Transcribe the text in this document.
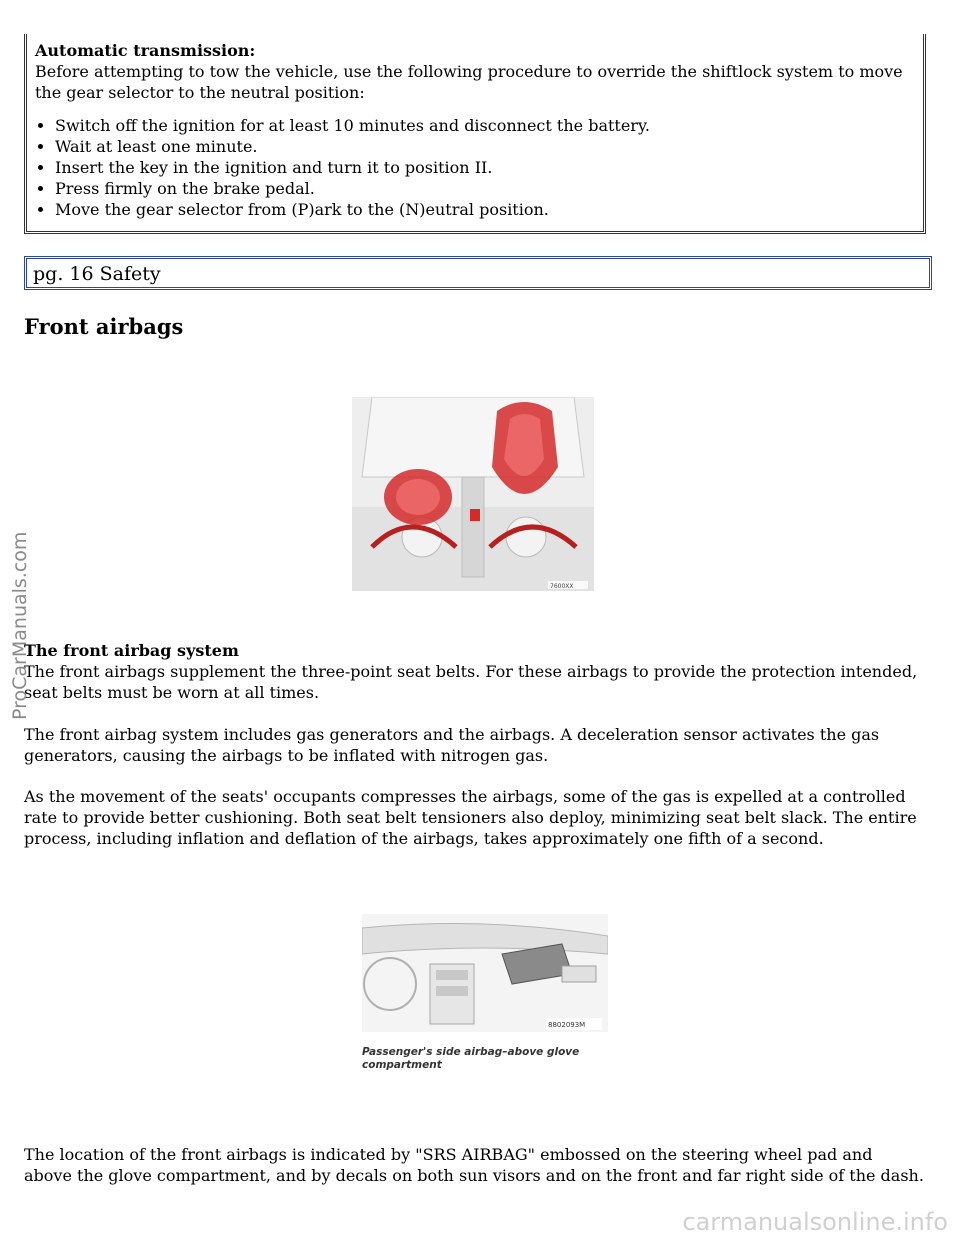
Automatic transmission:

Before attempting to tow the vehicle, use the following procedure to override the shiftlock system to move the gear selector to the neutral position:

• Switch off the ignition for at least 10 minutes and disconnect the battery.
• Wait at least one minute.
• Insert the key in the ignition and turn it to position II.
• Press firmly on the brake pedal.
• Move the gear selector from (P)ark to the (N)eutral position.
pg. 16 Safety
Front airbags
7600XX

The front airbag system

The front airbags supplement the three-point seat belts. For these airbags to provide the protection intended, seat belts must be worn at all times.

The front airbag system includes gas generators and the airbags. A deceleration sensor activates the gas generators, causing the airbags to be inflated with nitrogen gas.

As the movement of the seats' occupants compresses the airbags, some of the gas is expelled at a controlled rate to provide better cushioning. Both seat belt tensioners also deploy, minimizing seat belt slack. The entire process, including inflation and deflation of the airbags, takes approximately one fifth of a second.

8802093M
Passenger's side airbag–above glove compartment

The location of the front airbags is indicated by "SRS AIRBAG" embossed on the steering wheel pad and above the glove compartment, and by decals on both sun visors and on the front and far right side of the dash.

ProCarManuals.com
carmanualsonline.info
